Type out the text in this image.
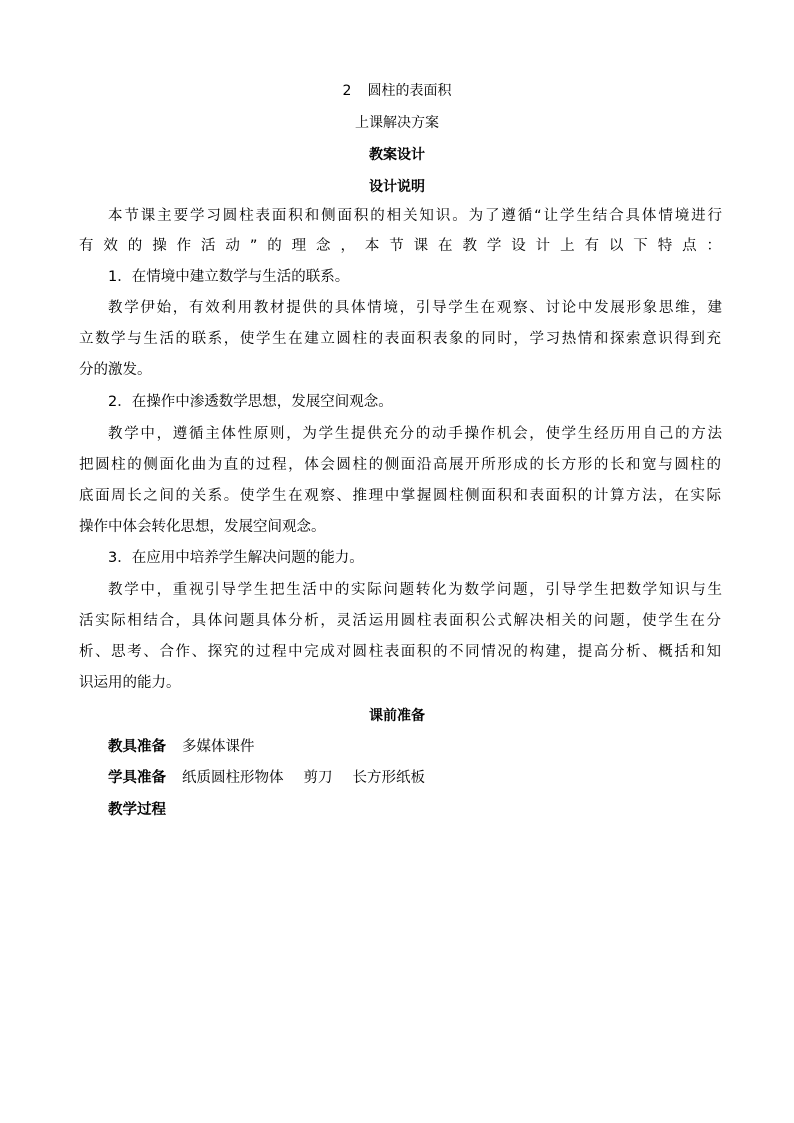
2 圆柱的表面积
上课解决方案
教案设计
设计说明
本节课主要学习圆柱表面积和侧面积的相关知识。为了遵循“让学生结合具体情境进行
有效的操作活动”的理念，本节课在教学设计上有以下特点：
1．在情境中建立数学与生活的联系。
教学伊始，有效利用教材提供的具体情境，引导学生在观察、讨论中发展形象思维，建
立数学与生活的联系，使学生在建立圆柱的表面积表象的同时，学习热情和探索意识得到充
分的激发。
2．在操作中渗透数学思想，发展空间观念。
教学中，遵循主体性原则，为学生提供充分的动手操作机会，使学生经历用自己的方法
把圆柱的侧面化曲为直的过程，体会圆柱的侧面沿高展开所形成的长方形的长和宽与圆柱的
底面周长之间的关系。使学生在观察、推理中掌握圆柱侧面积和表面积的计算方法，在实际
操作中体会转化思想，发展空间观念。
3．在应用中培养学生解决问题的能力。
教学中，重视引导学生把生活中的实际问题转化为数学问题，引导学生把数学知识与生
活实际相结合，具体问题具体分析，灵活运用圆柱表面积公式解决相关的问题，使学生在分
析、思考、合作、探究的过程中完成对圆柱表面积的不同情况的构建，提高分析、概括和知
识运用的能力。
课前准备
教具准备 多媒体课件
学具准备 纸质圆柱形物体 剪刀 长方形纸板
教学过程
